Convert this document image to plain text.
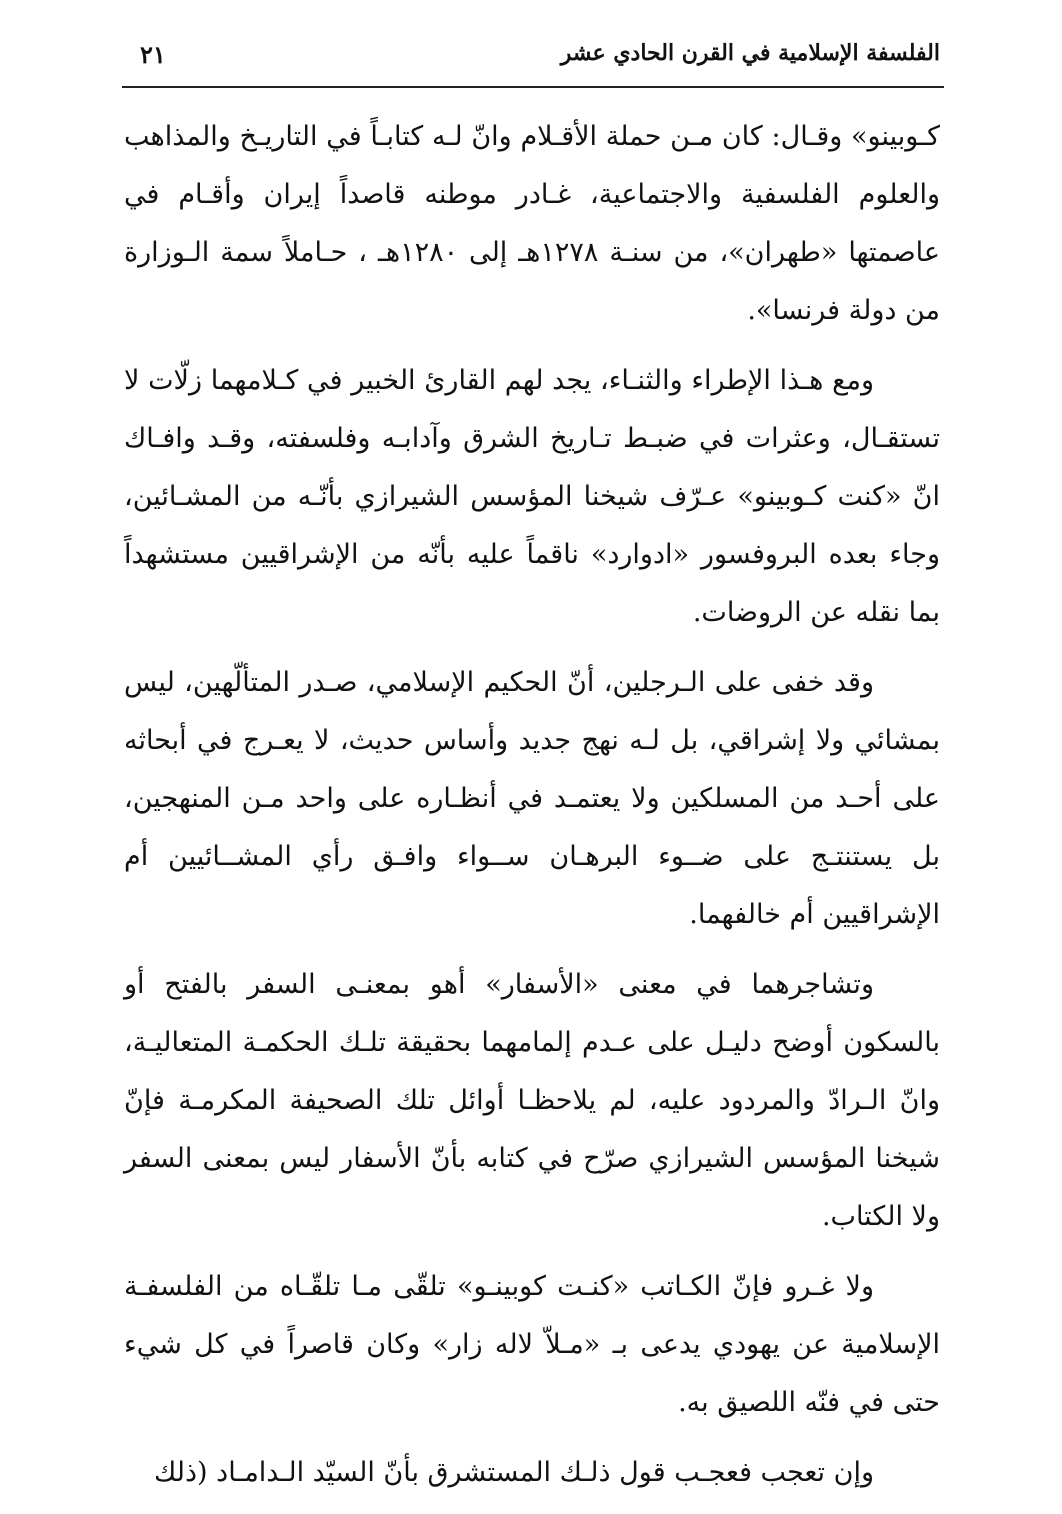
الفلسفة الإسلامية في القرن الحادي عشر
٢١

كـوبينو» وقـال: كان مـن حملة الأقـلام وانّ لـه كتابـاً في التاريـخ والمذاهب والعلوم الفلسفية والاجتماعية، غـادر موطنه قاصداً إيران وأقـام في عاصمتها «طهران»، من سنـة ١٢٧٨هـ إلى ١٢٨٠هـ ، حـاملاً سمة الـوزارة من دولة فرنسا».

ومع هـذا الإطراء والثنـاء، يجد لهم القارئ الخبير في كـلامهما زلّات لا تستقـال، وعثرات في ضبـط تـاريخ الشرق وآدابـه وفلسفته، وقـد وافـاك انّ «كنت كـوبينو» عـرّف شيخنا المؤسس الشيرازي بأنّـه من المشـائين، وجاء بعده البروفسور «ادوارد» ناقماً عليه بأنّه من الإشراقيين مستشهداً بما نقله عن الروضات.

وقد خفى على الـرجلين، أنّ الحكيم الإسلامي، صـدر المتألّهين، ليس بمشائي ولا إشراقي، بل لـه نهج جديد وأساس حديث، لا يعـرج في أبحاثه على أحـد من المسلكين ولا يعتمـد في أنظـاره على واحد مـن المنهجين، بل يستنتـج على ضــوء البرهـان ســواء وافـق رأي المشــائيين أم الإشراقيين أم خالفهما.

وتشاجرهما في معنى «الأسفار» أهو بمعنـى السفر بالفتح أو بالسكون أوضح دليـل على عـدم إلمامهما بحقيقة تلـك الحكمـة المتعاليـة، وانّ الـرادّ والمردود عليه، لم يلاحظـا أوائل تلك الصحيفة المكرمـة فإنّ شيخنا المؤسس الشيرازي صرّح في كتابه بأنّ الأسفار ليس بمعنى السفر ولا الكتاب.

ولا غـرو فإنّ الكـاتب «كنـت كوبينـو» تلقّى مـا تلقّـاه من الفلسفـة الإسلامية عن يهودي يدعى بـ «مـلاّ لاله زار» وكان قاصراً في كل شيء حتى في فنّه اللصيق به.

وإن تعجب فعجـب قول ذلـك المستشرق بأنّ السيّد الـدامـاد (ذلك
